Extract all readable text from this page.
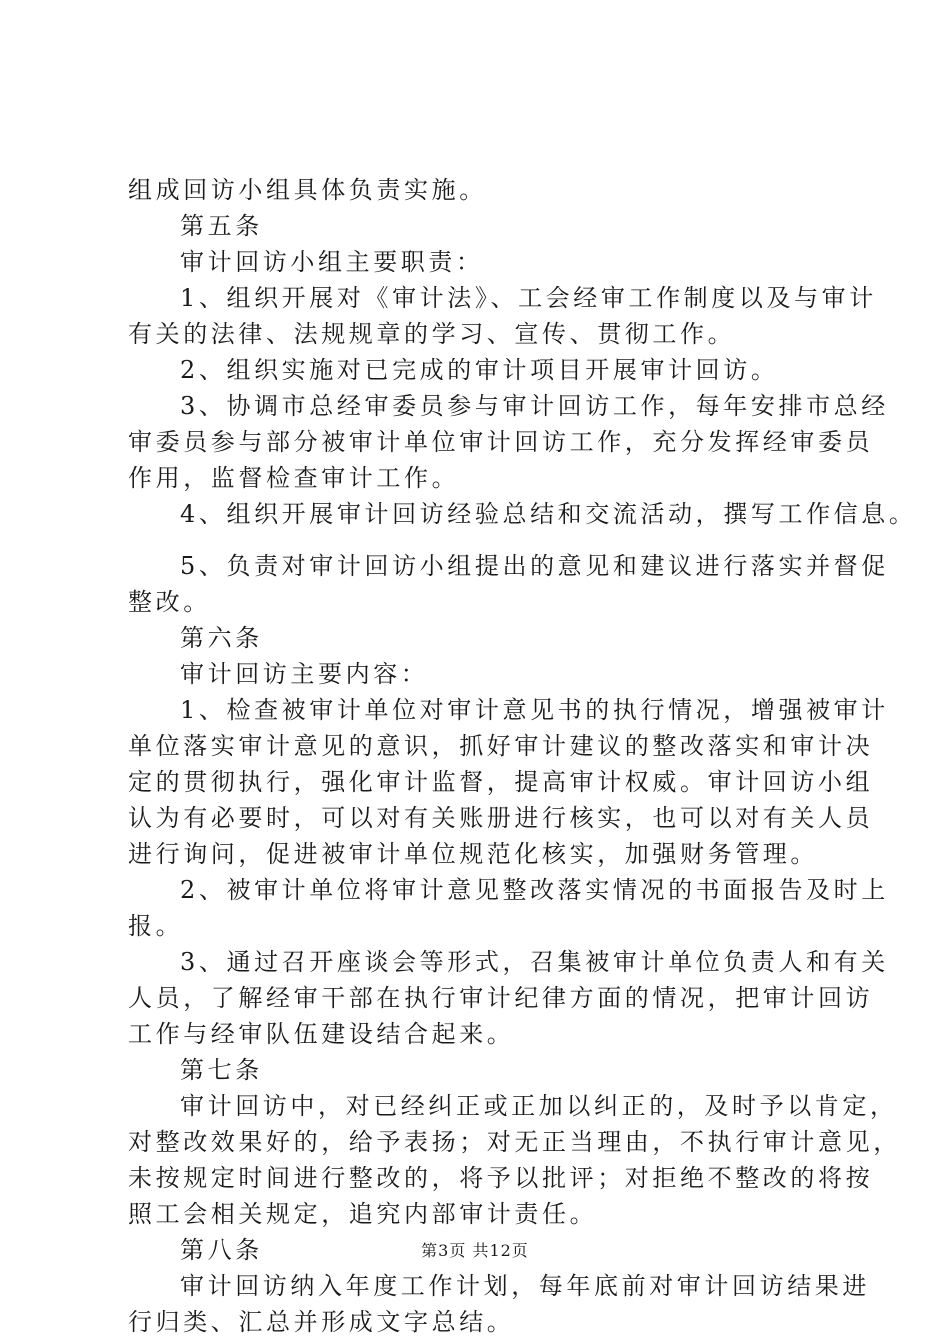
组成回访小组具体负责实施。
第五条
审计回访小组主要职责：
1、组织开展对《审计法》、工会经审工作制度以及与审计
有关的法律、法规规章的学习、宣传、贯彻工作。
2、组织实施对已完成的审计项目开展审计回访。
3、协调市总经审委员参与审计回访工作，每年安排市总经
审委员参与部分被审计单位审计回访工作，充分发挥经审委员
作用，监督检查审计工作。
4、组织开展审计回访经验总结和交流活动，撰写工作信息。
5、负责对审计回访小组提出的意见和建议进行落实并督促
整改。
第六条
审计回访主要内容：
1、检查被审计单位对审计意见书的执行情况，增强被审计
单位落实审计意见的意识，抓好审计建议的整改落实和审计决
定的贯彻执行，强化审计监督，提高审计权威。审计回访小组
认为有必要时，可以对有关账册进行核实，也可以对有关人员
进行询问，促进被审计单位规范化核实，加强财务管理。
2、被审计单位将审计意见整改落实情况的书面报告及时上
报。
3、通过召开座谈会等形式，召集被审计单位负责人和有关
人员，了解经审干部在执行审计纪律方面的情况，把审计回访
工作与经审队伍建设结合起来。
第七条
审计回访中，对已经纠正或正加以纠正的，及时予以肯定，
对整改效果好的，给予表扬；对无正当理由，不执行审计意见，
未按规定时间进行整改的，将予以批评；对拒绝不整改的将按
照工会相关规定，追究内部审计责任。
第八条
审计回访纳入年度工作计划，每年底前对审计回访结果进
行归类、汇总并形成文字总结。
第3页 共12页
